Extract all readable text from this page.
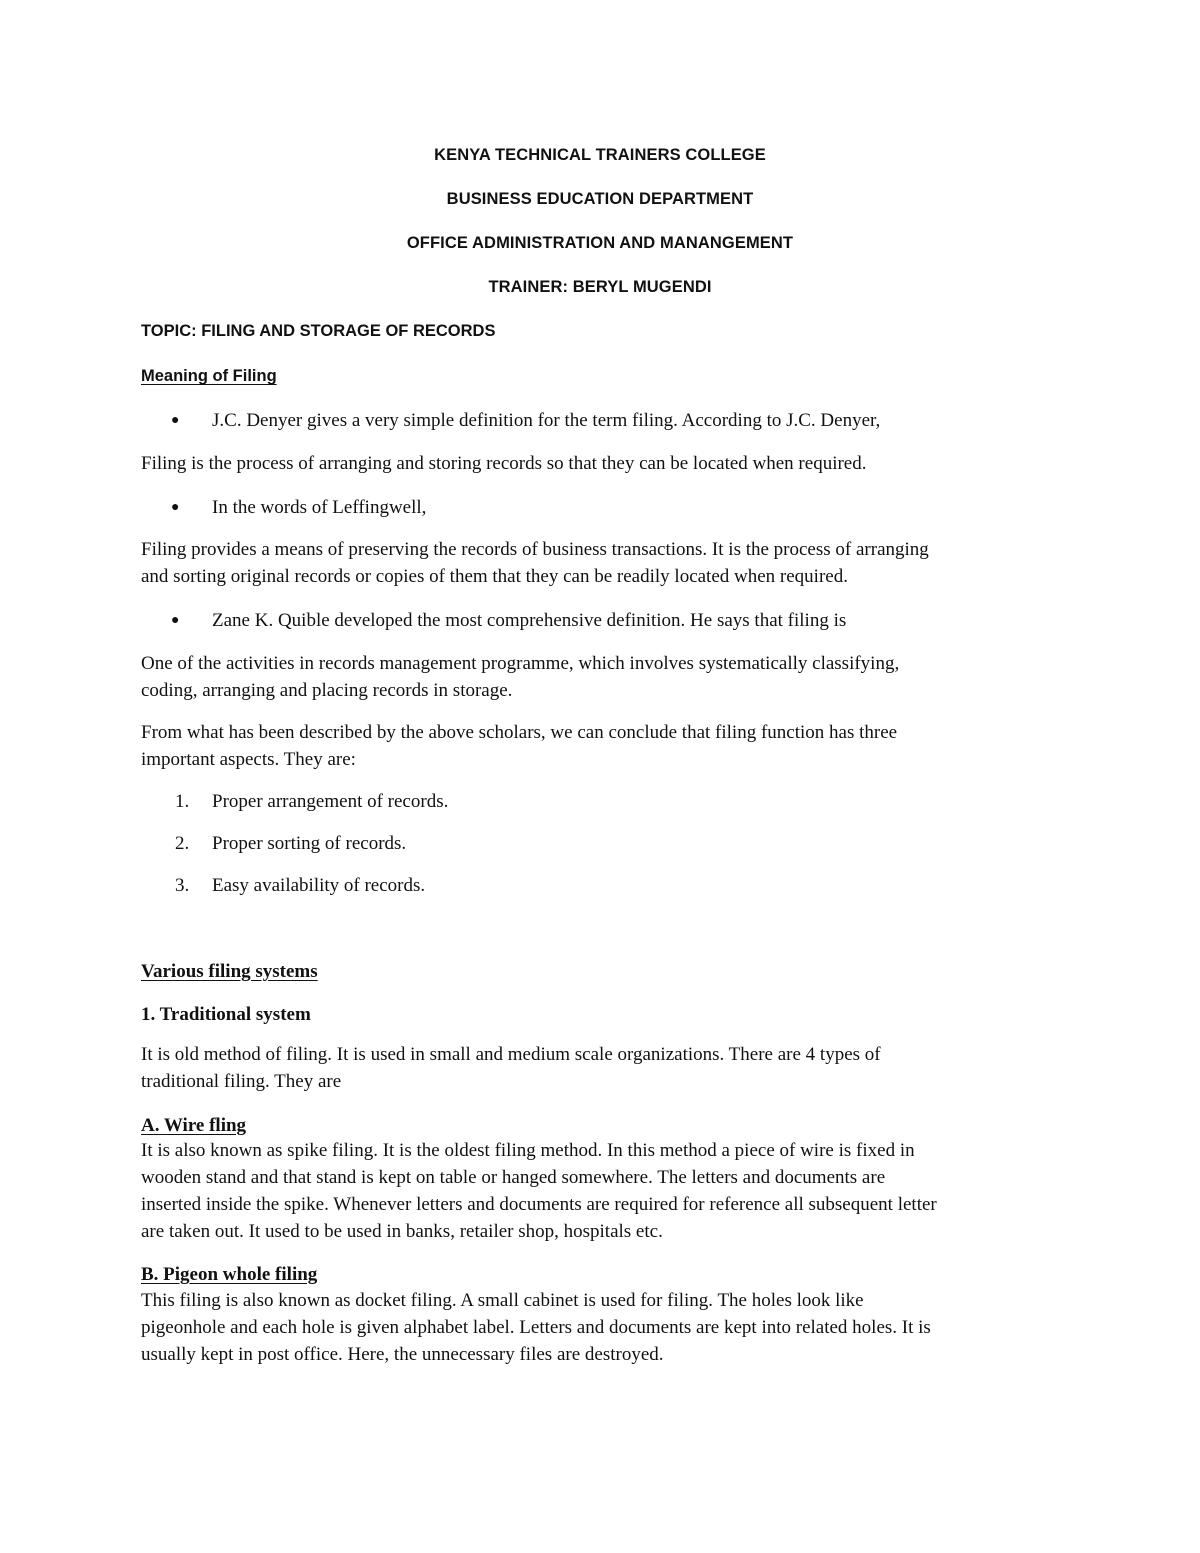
KENYA TECHNICAL TRAINERS COLLEGE
BUSINESS EDUCATION DEPARTMENT
OFFICE ADMINISTRATION AND MANANGEMENT
TRAINER: BERYL MUGENDI
TOPIC: FILING AND STORAGE OF RECORDS
Meaning of Filing
● J.C. Denyer gives a very simple definition for the term filing. According to J.C. Denyer,
Filing is the process of arranging and storing records so that they can be located when required.
● In the words of Leffingwell,
Filing provides a means of preserving the records of business transactions. It is the process of arranging
and sorting original records or copies of them that they can be readily located when required.
● Zane K. Quible developed the most comprehensive definition. He says that filing is
One of the activities in records management programme, which involves systematically classifying,
coding, arranging and placing records in storage.
From what has been described by the above scholars, we can conclude that filing function has three
important aspects. They are:
1. Proper arrangement of records.
2. Proper sorting of records.
3. Easy availability of records.
Various filing systems
1. Traditional system
It is old method of filing. It is used in small and medium scale organizations. There are 4 types of
traditional filing. They are
A. Wire fling
It is also known as spike filing. It is the oldest filing method. In this method a piece of wire is fixed in
wooden stand and that stand is kept on table or hanged somewhere. The letters and documents are
inserted inside the spike. Whenever letters and documents are required for reference all subsequent letter
are taken out. It used to be used in banks, retailer shop, hospitals etc.
B. Pigeon whole filing
This filing is also known as docket filing. A small cabinet is used for filing. The holes look like
pigeonhole and each hole is given alphabet label. Letters and documents are kept into related holes. It is
usually kept in post office. Here, the unnecessary files are destroyed.
